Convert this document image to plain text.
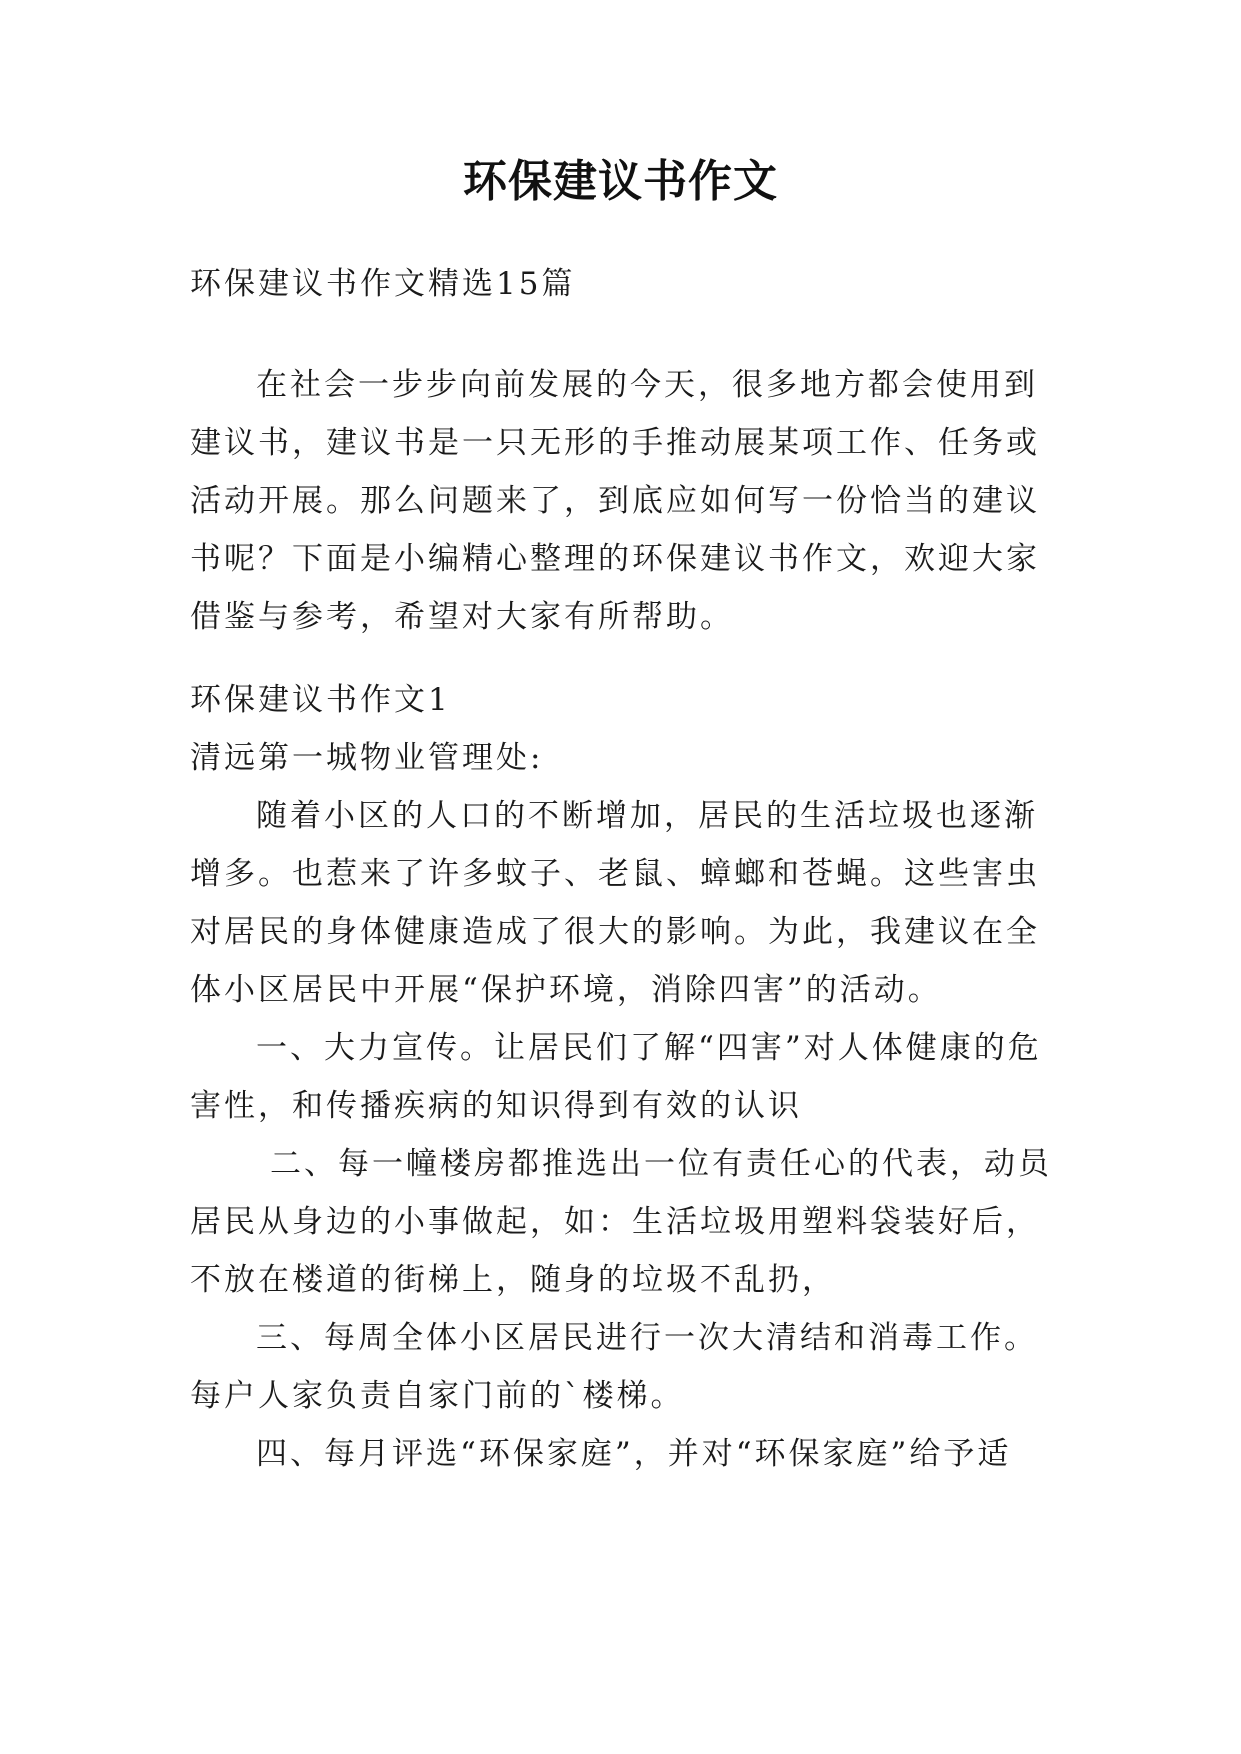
环保建议书作文

环保建议书作文精选15篇

在社会一步步向前发展的今天，很多地方都会使用到建议书，建议书是一只无形的手推动展某项工作、任务或活动开展。那么问题来了，到底应如何写一份恰当的建议书呢？下面是小编精心整理的环保建议书作文，欢迎大家借鉴与参考，希望对大家有所帮助。

环保建议书作文1

清远第一城物业管理处:

随着小区的人口的不断增加，居民的生活垃圾也逐渐增多。也惹来了许多蚊子、老鼠、蟑螂和苍蝇。这些害虫对居民的身体健康造成了很大的影响。为此，我建议在全体小区居民中开展“保护环境，消除四害”的活动。

一、大力宣传。让居民们了解“四害”对人体健康的危害性，和传播疾病的知识得到有效的认识

二、每一幢楼房都推选出一位有责任心的代表，动员居民从身边的小事做起，如：生活垃圾用塑料袋装好后，不放在楼道的街梯上，随身的垃圾不乱扔，

三、每周全体小区居民进行一次大清结和消毒工作。每户人家负责自家门前的`楼梯。

四、每月评选“环保家庭”，并对“环保家庭”给予适
